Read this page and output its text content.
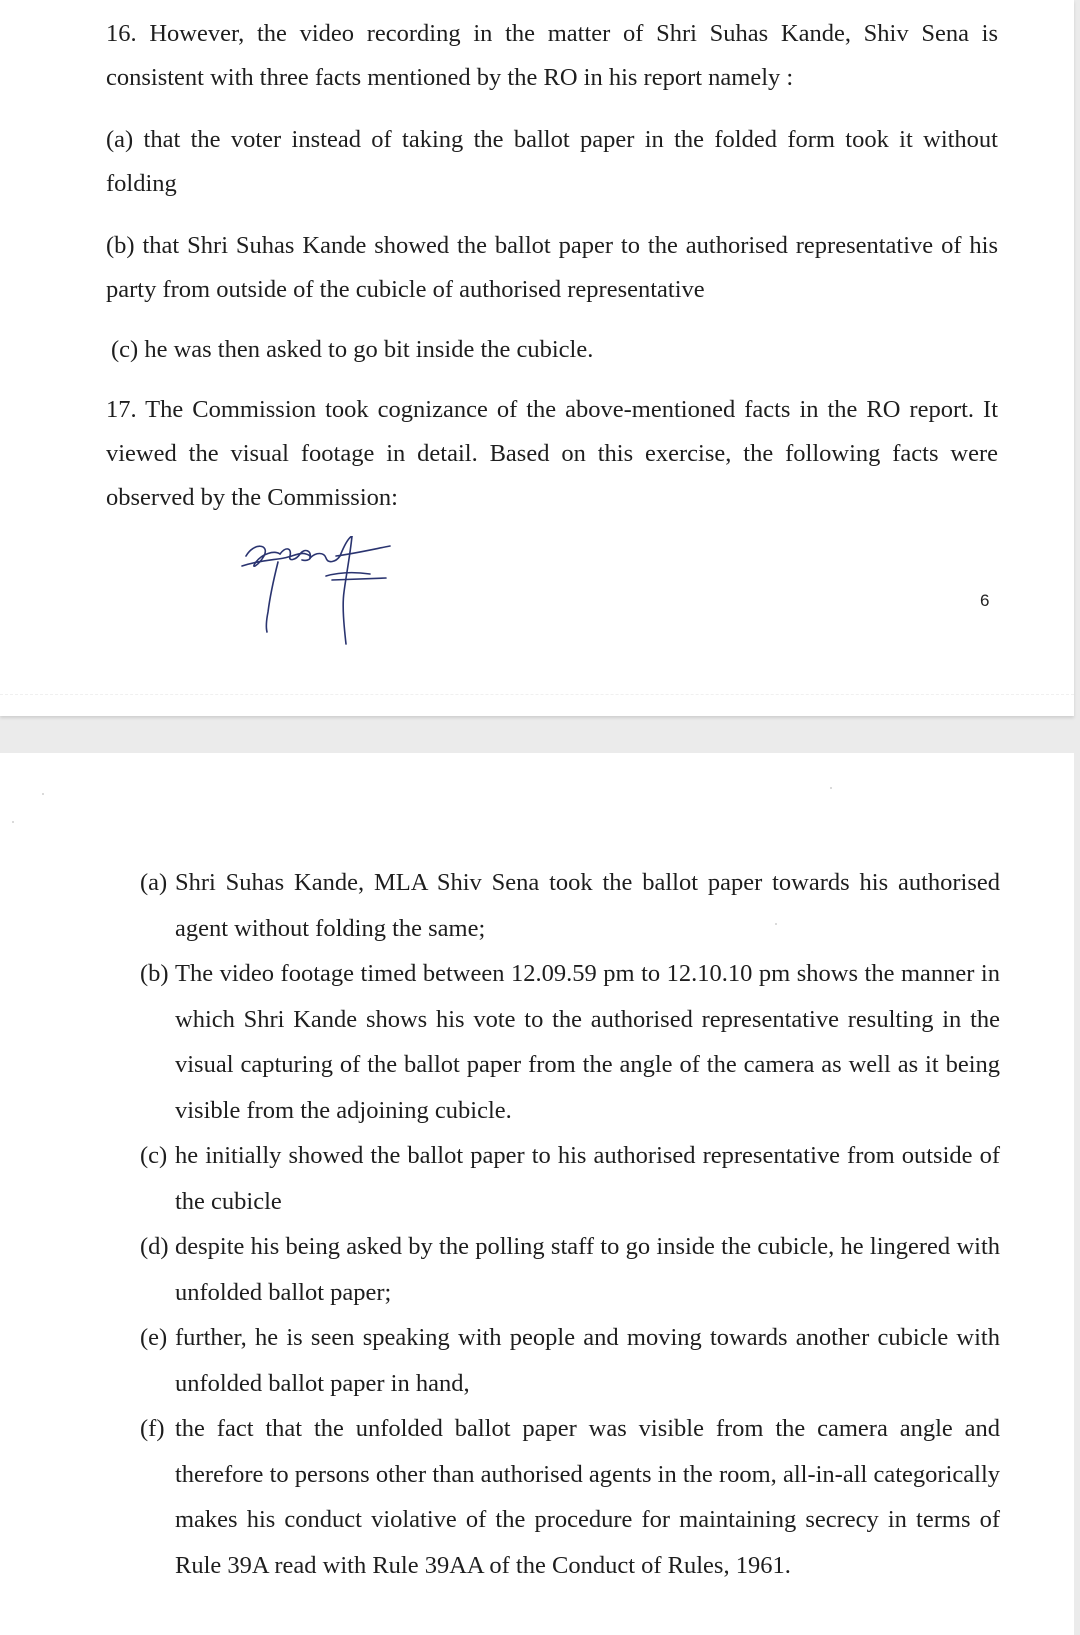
16. However, the video recording in the matter of Shri Suhas Kande, Shiv Sena is consistent with three facts mentioned by the RO in his report namely :

(a) that the voter instead of taking the ballot paper in the folded form took it without folding

(b) that Shri Suhas Kande showed the ballot paper to the authorised representative of his party from outside of the cubicle of authorised representative

(c) he was then asked to go bit inside the cubicle.

17. The Commission took cognizance of the above-mentioned facts in the RO report. It viewed the visual footage in detail. Based on this exercise, the following facts were observed by the Commission:

6
(a) Shri Suhas Kande, MLA Shiv Sena took the ballot paper towards his authorised agent without folding the same;
(b) The video footage timed between 12.09.59 pm to 12.10.10 pm shows the manner in which Shri Kande shows his vote to the authorised representative resulting in the visual capturing of the ballot paper from the angle of the camera as well as it being visible from the adjoining cubicle.
(c) he initially showed the ballot paper to his authorised representative from outside of the cubicle
(d) despite his being asked by the polling staff to go inside the cubicle, he lingered with unfolded ballot paper;
(e) further, he is seen speaking with people and moving towards another cubicle with unfolded ballot paper in hand,
(f) the fact that the unfolded ballot paper was visible from the camera angle and therefore to persons other than authorised agents in the room, all-in-all categorically makes his conduct violative of the procedure for maintaining secrecy in terms of Rule 39A read with Rule 39AA of the Conduct of Rules, 1961.
